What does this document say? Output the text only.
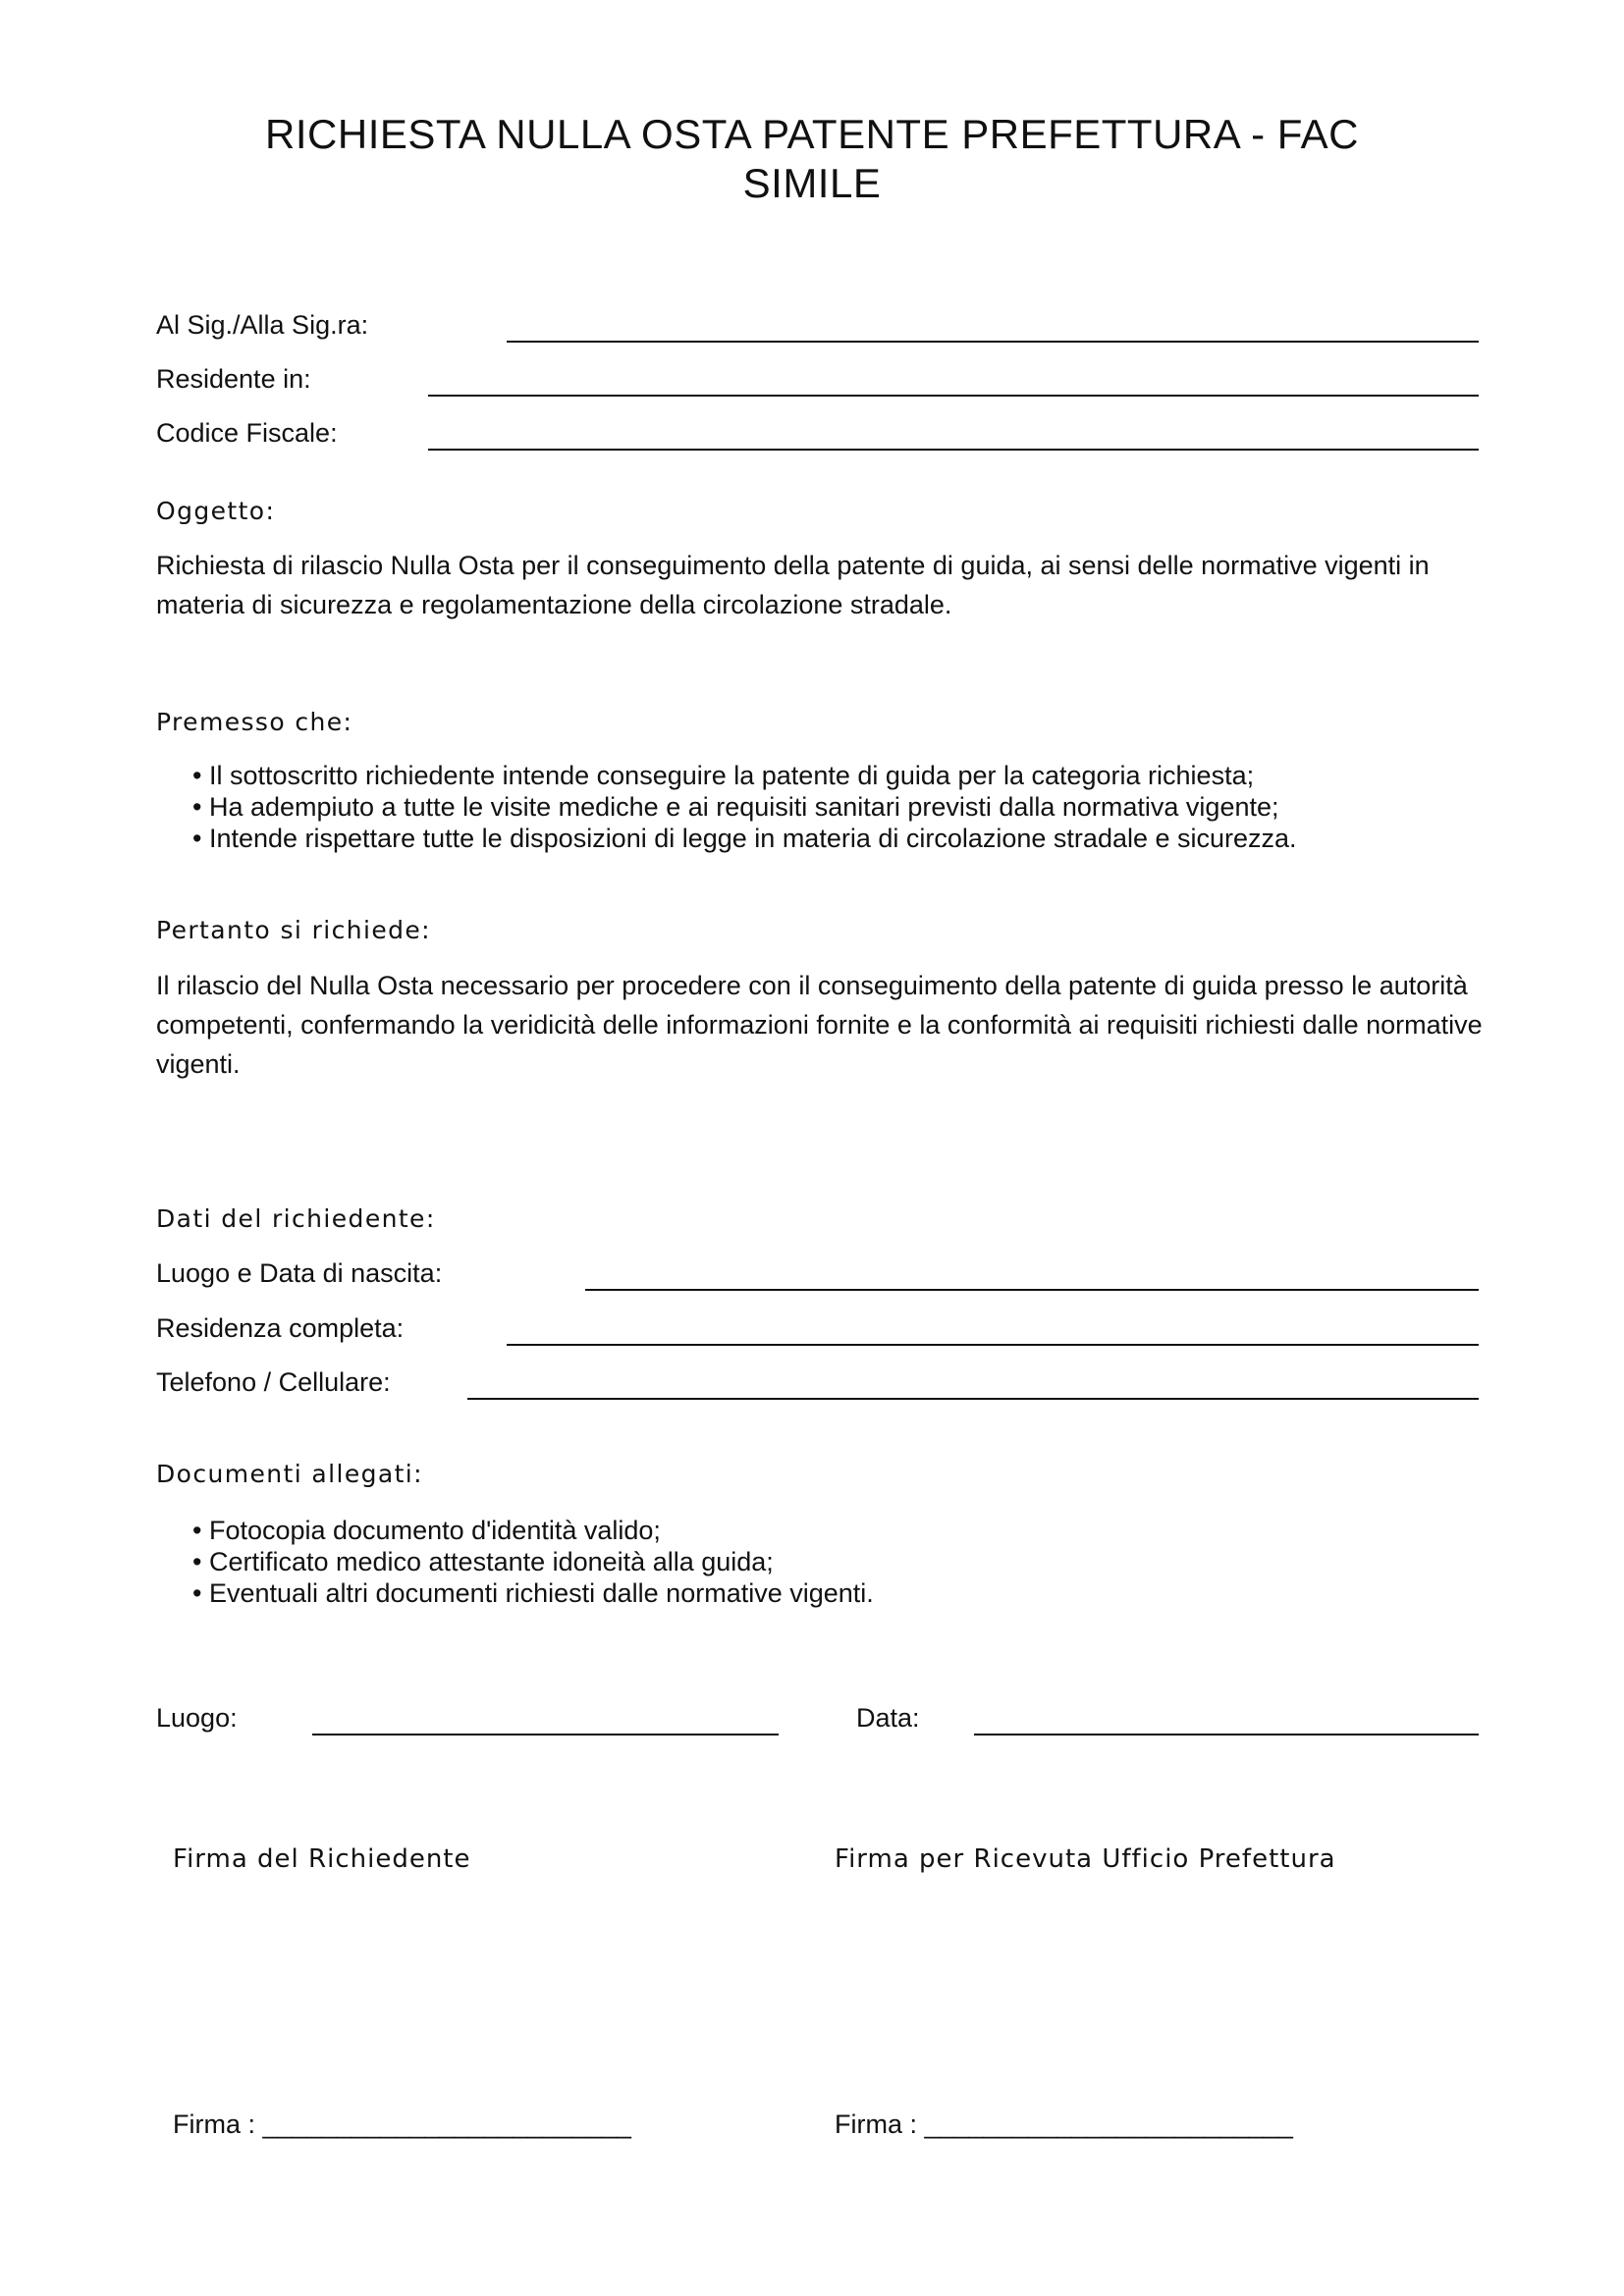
RICHIESTA NULLA OSTA PATENTE PREFETTURA - FAC SIMILE
Al Sig./Alla Sig.ra:
Residente in:
Codice Fiscale:
Oggetto:
Richiesta di rilascio Nulla Osta per il conseguimento della patente di guida, ai sensi delle normative vigenti in materia di sicurezza e regolamentazione della circolazione stradale.
Premesso che:
• Il sottoscritto richiedente intende conseguire la patente di guida per la categoria richiesta;
• Ha adempiuto a tutte le visite mediche e ai requisiti sanitari previsti dalla normativa vigente;
• Intende rispettare tutte le disposizioni di legge in materia di circolazione stradale e sicurezza.
Pertanto si richiede:
Il rilascio del Nulla Osta necessario per procedere con il conseguimento della patente di guida presso le autorità competenti, confermando la veridicità delle informazioni fornite e la conformità ai requisiti richiesti dalle normative vigenti.
Dati del richiedente:
Luogo e Data di nascita:
Residenza completa:
Telefono / Cellulare:
Documenti allegati:
• Fotocopia documento d'identità valido;
• Certificato medico attestante idoneità alla guida;
• Eventuali altri documenti richiesti dalle normative vigenti.
Luogo:	Data:
Firma del Richiedente	Firma per Ricevuta Ufficio Prefettura
Firma : _________________________	Firma : _________________________
